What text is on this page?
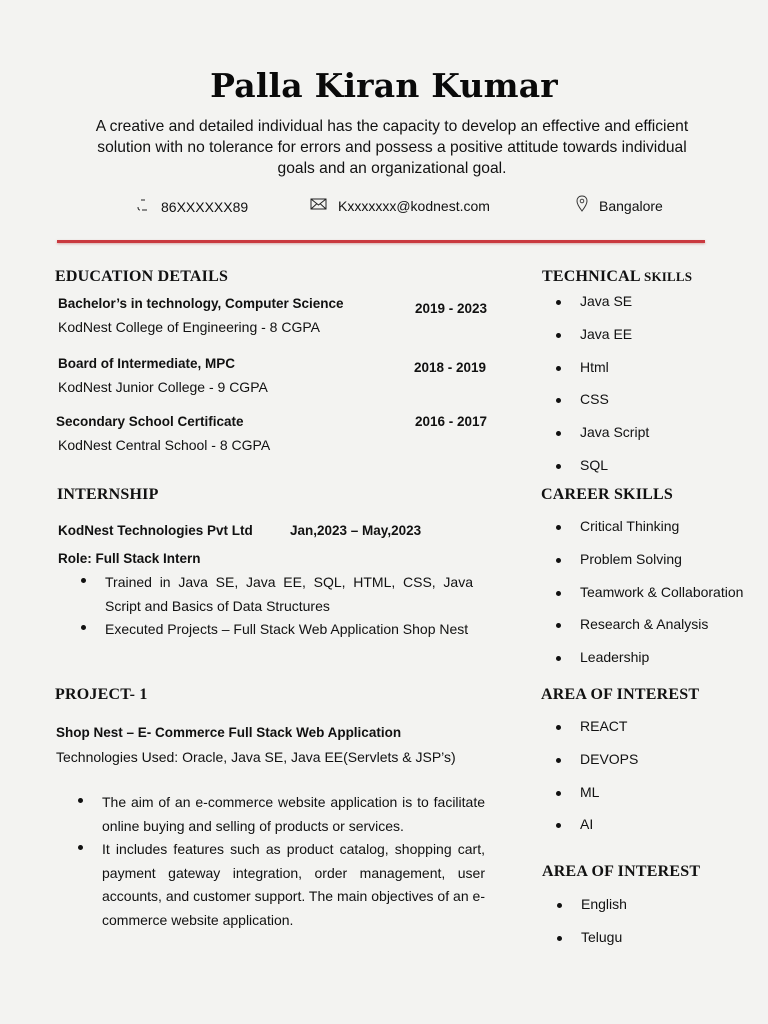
Palla Kiran Kumar
A creative and detailed individual has the capacity to develop an effective and efficient solution with no tolerance for errors and possess a positive attitude towards individual goals and an organizational goal.
86XXXXXX89	Kxxxxxxx@kodnest.com	Bangalore
EDUCATION DETAILS
Bachelor’s in technology, Computer Science	2019 - 2023
KodNest College of Engineering - 8 CGPA
Board of Intermediate, MPC	2018 - 2019
KodNest Junior College - 9 CGPA
Secondary School Certificate	2016 - 2017
KodNest Central School - 8 CGPA
INTERNSHIP
KodNest Technologies Pvt Ltd	Jan,2023 – May,2023
Role: Full Stack Intern
Trained in Java SE, Java EE, SQL, HTML, CSS, Java Script and Basics of Data Structures
Executed Projects – Full Stack Web Application Shop Nest
PROJECT- 1
Shop Nest – E- Commerce Full Stack Web Application
Technologies Used: Oracle, Java SE, Java EE(Servlets & JSP’s)
The aim of an e-commerce website application is to facilitate online buying and selling of products or services.
It includes features such as product catalog, shopping cart, payment gateway integration, order management, user accounts, and customer support. The main objectives of an e-commerce website application.
TECHNICAL SKILLS
Java SE
Java EE
Html
CSS
Java Script
SQL
CAREER SKILLS
Critical Thinking
Problem Solving
Teamwork & Collaboration
Research & Analysis
Leadership
AREA OF INTEREST
REACT
DEVOPS
ML
AI
AREA OF INTEREST
English
Telugu
